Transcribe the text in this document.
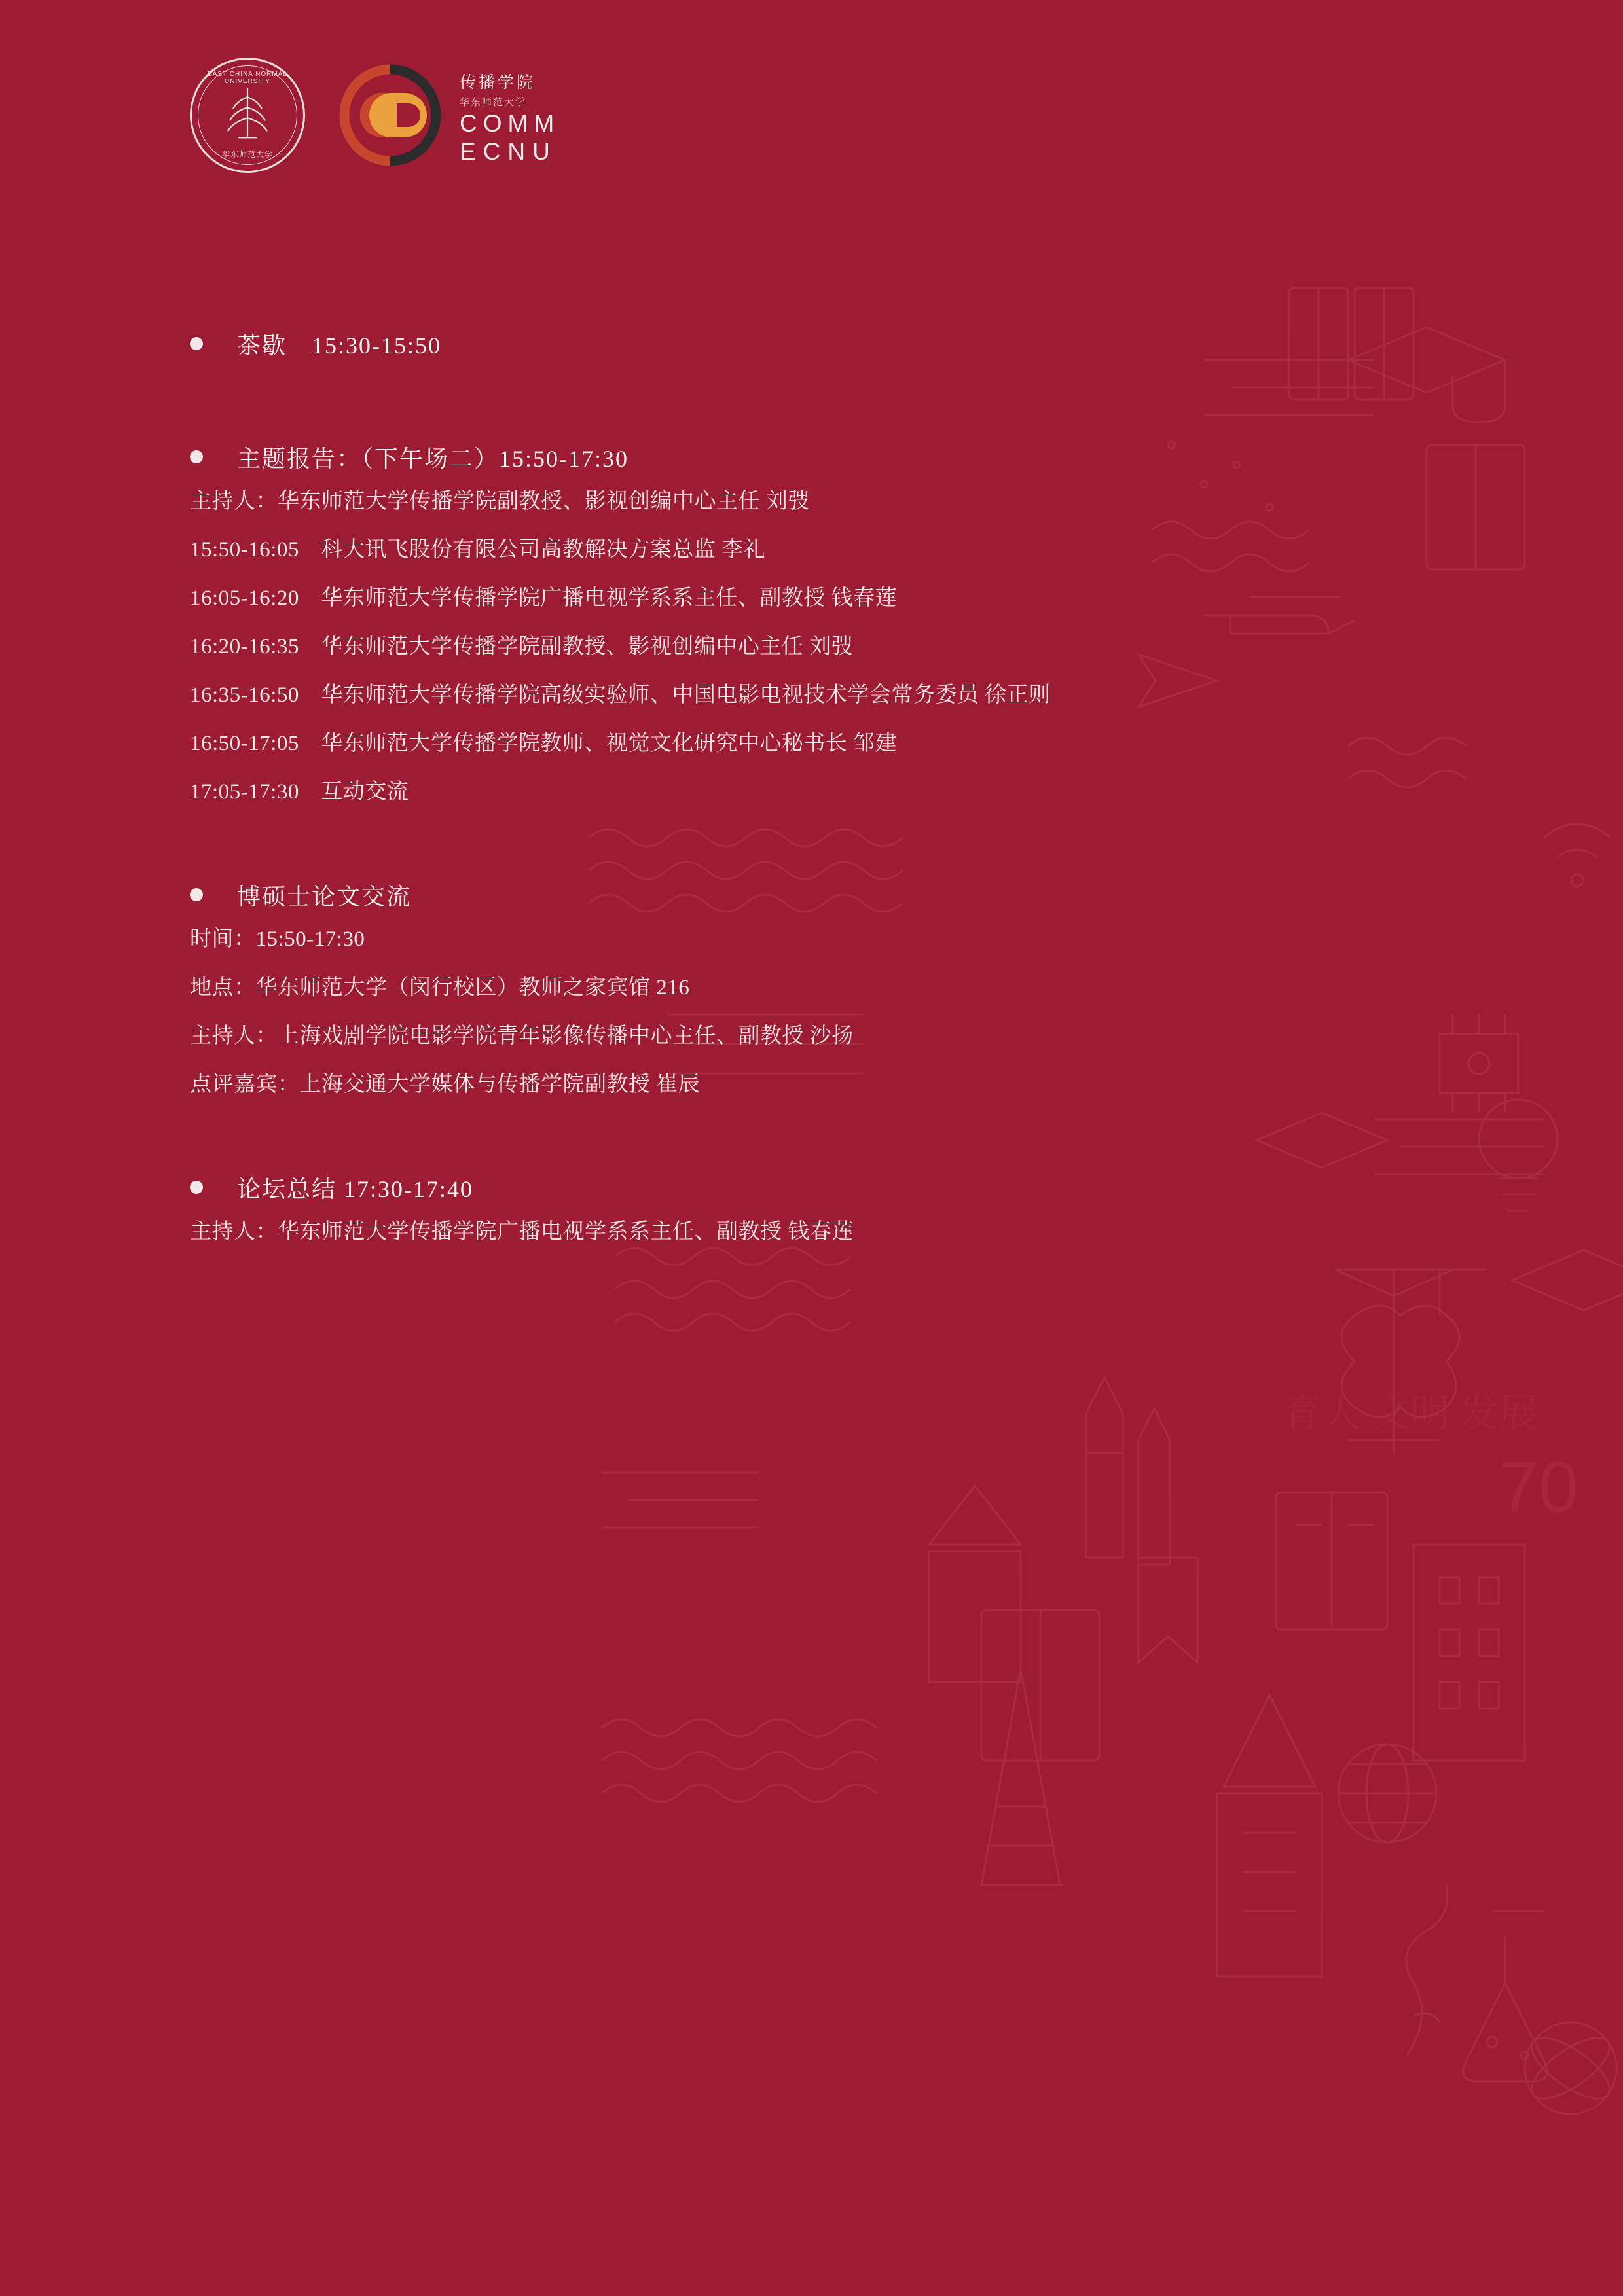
70
育人 文明 发展
EAST CHINA NORMAL UNIVERSITY
华东师范大学
传播学院
华东师范大学
COMM
ECNU
茶歇　15:30-15:50
主题报告：（下午场二）15:50-17:30

主持人：华东师范大学传播学院副教授、影视创编中心主任 刘弢

15:50-16:05　科大讯飞股份有限公司高教解决方案总监 李礼

16:05-16:20　华东师范大学传播学院广播电视学系系主任、副教授 钱春莲

16:20-16:35　华东师范大学传播学院副教授、影视创编中心主任 刘弢

16:35-16:50　华东师范大学传播学院高级实验师、中国电影电视技术学会常务委员 徐正则

16:50-17:05　华东师范大学传播学院教师、视觉文化研究中心秘书长 邹建

17:05-17:30　互动交流

博硕士论文交流

时间：15:50-17:30

地点：华东师范大学（闵行校区）教师之家宾馆 216

主持人：上海戏剧学院电影学院青年影像传播中心主任、副教授 沙扬

点评嘉宾：上海交通大学媒体与传播学院副教授 崔辰

论坛总结 17:30-17:40

主持人：华东师范大学传播学院广播电视学系系主任、副教授 钱春莲
